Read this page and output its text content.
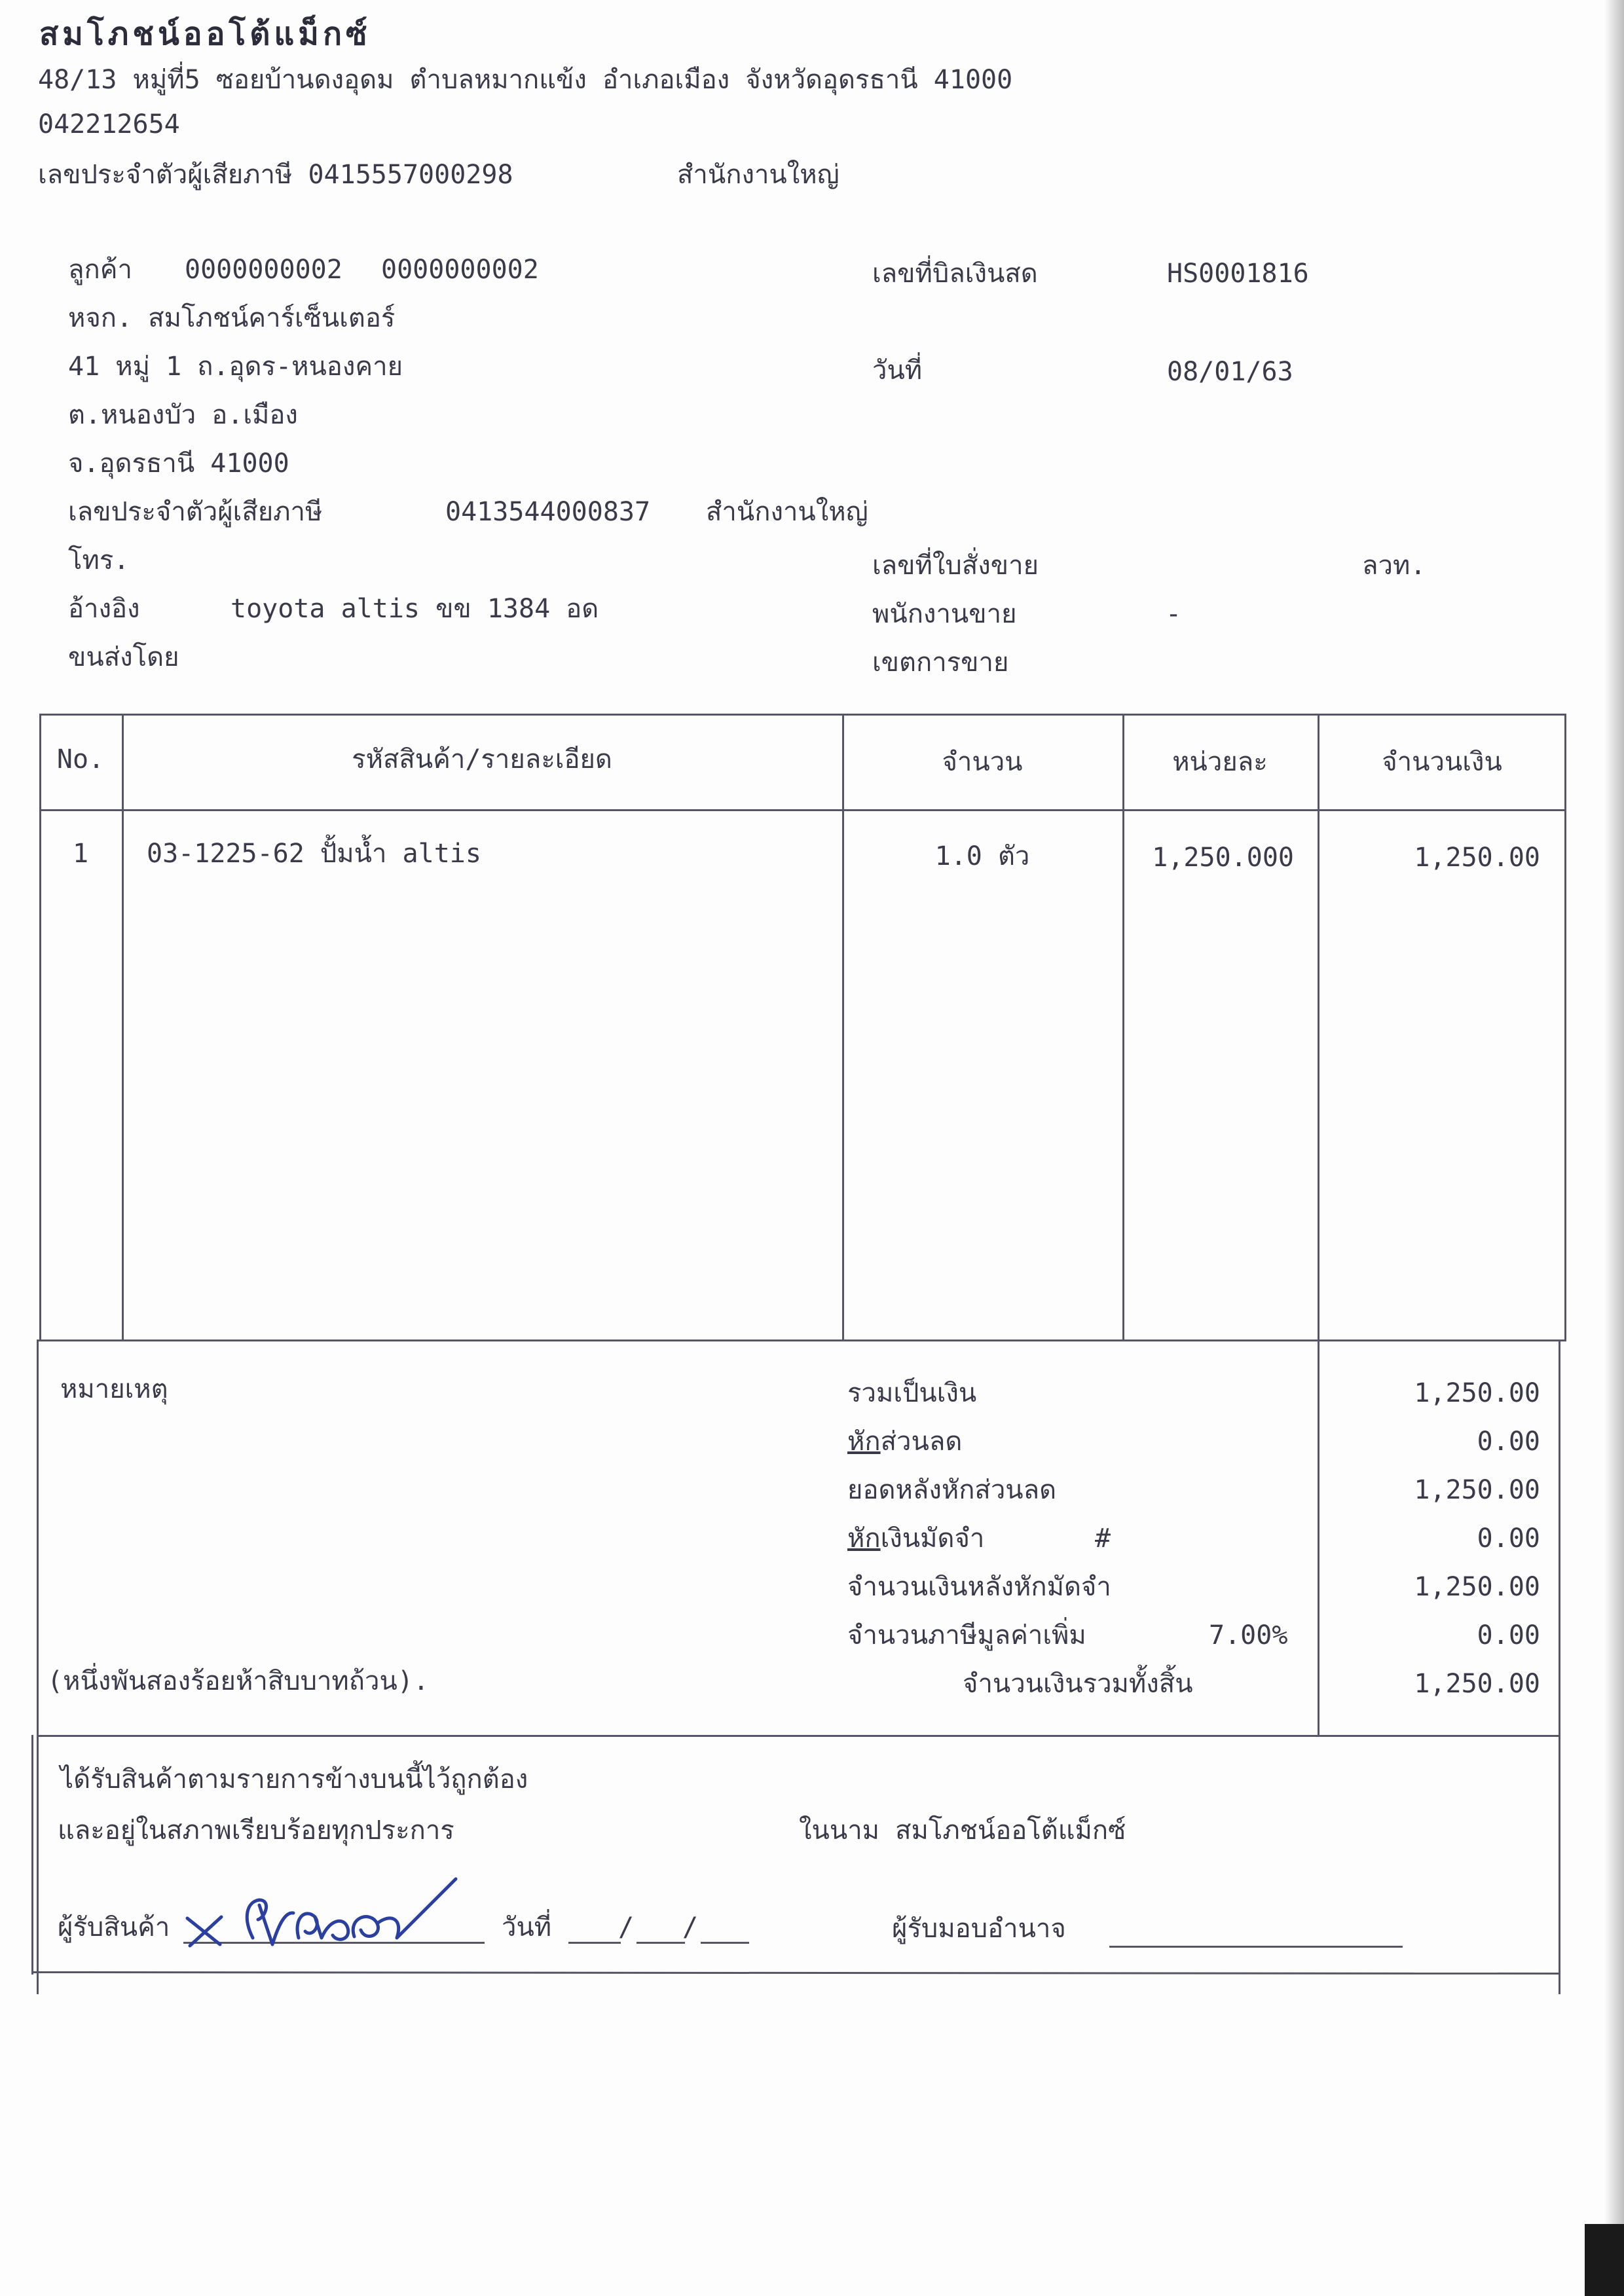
สมโภชน์ออโต้แม็กซ์
48/13 หมู่ที่5 ซอยบ้านดงอุดม ตำบลหมากแข้ง อำเภอเมือง จังหวัดอุดรธานี 41000
042212654
เลขประจำตัวผู้เสียภาษี 0415557000298	สำนักงานใหญ่
ลูกค้า 0000000002 0000000002
หจก. สมโภชน์คาร์เซ็นเตอร์
41 หมู่ 1 ถ.อุดร-หนองคาย
ต.หนองบัว อ.เมือง
จ.อุดรธานี 41000
เลขประจำตัวผู้เสียภาษี	0413544000837 สำนักงานใหญ่
โทร.
อ้างอิง	toyota altis ขข 1384 อด
ขนส่งโดย
เลขที่บิลเงินสด	HS0001816
วันที่	08/01/63
เลขที่ใบสั่งขาย	ลวท.
พนักงานขาย	-
เขตการขาย
No.	รหัสสินค้า/รายละเอียด	จำนวน	หน่วยละ	จำนวนเงิน
1	03-1225-62 ปั้มน้ำ altis	1.0 ตัว	1,250.000	1,250.00
หมายเหตุ
(หนึ่งพันสองร้อยห้าสิบบาทถ้วน).
รวมเป็นเงิน	1,250.00
หักส่วนลด	0.00
ยอดหลังหักส่วนลด	1,250.00
หักเงินมัดจำ	#	0.00
จำนวนเงินหลังหักมัดจำ	1,250.00
จำนวนภาษีมูลค่าเพิ่ม	7.00%	0.00
จำนวนเงินรวมทั้งสิ้น	1,250.00
ได้รับสินค้าตามรายการข้างบนนี้ไว้ถูกต้อง
และอยู่ในสภาพเรียบร้อยทุกประการ	ในนาม สมโภชน์ออโต้แม็กซ์
ผู้รับสินค้า	วันที่	/ /	ผู้รับมอบอำนาจ
